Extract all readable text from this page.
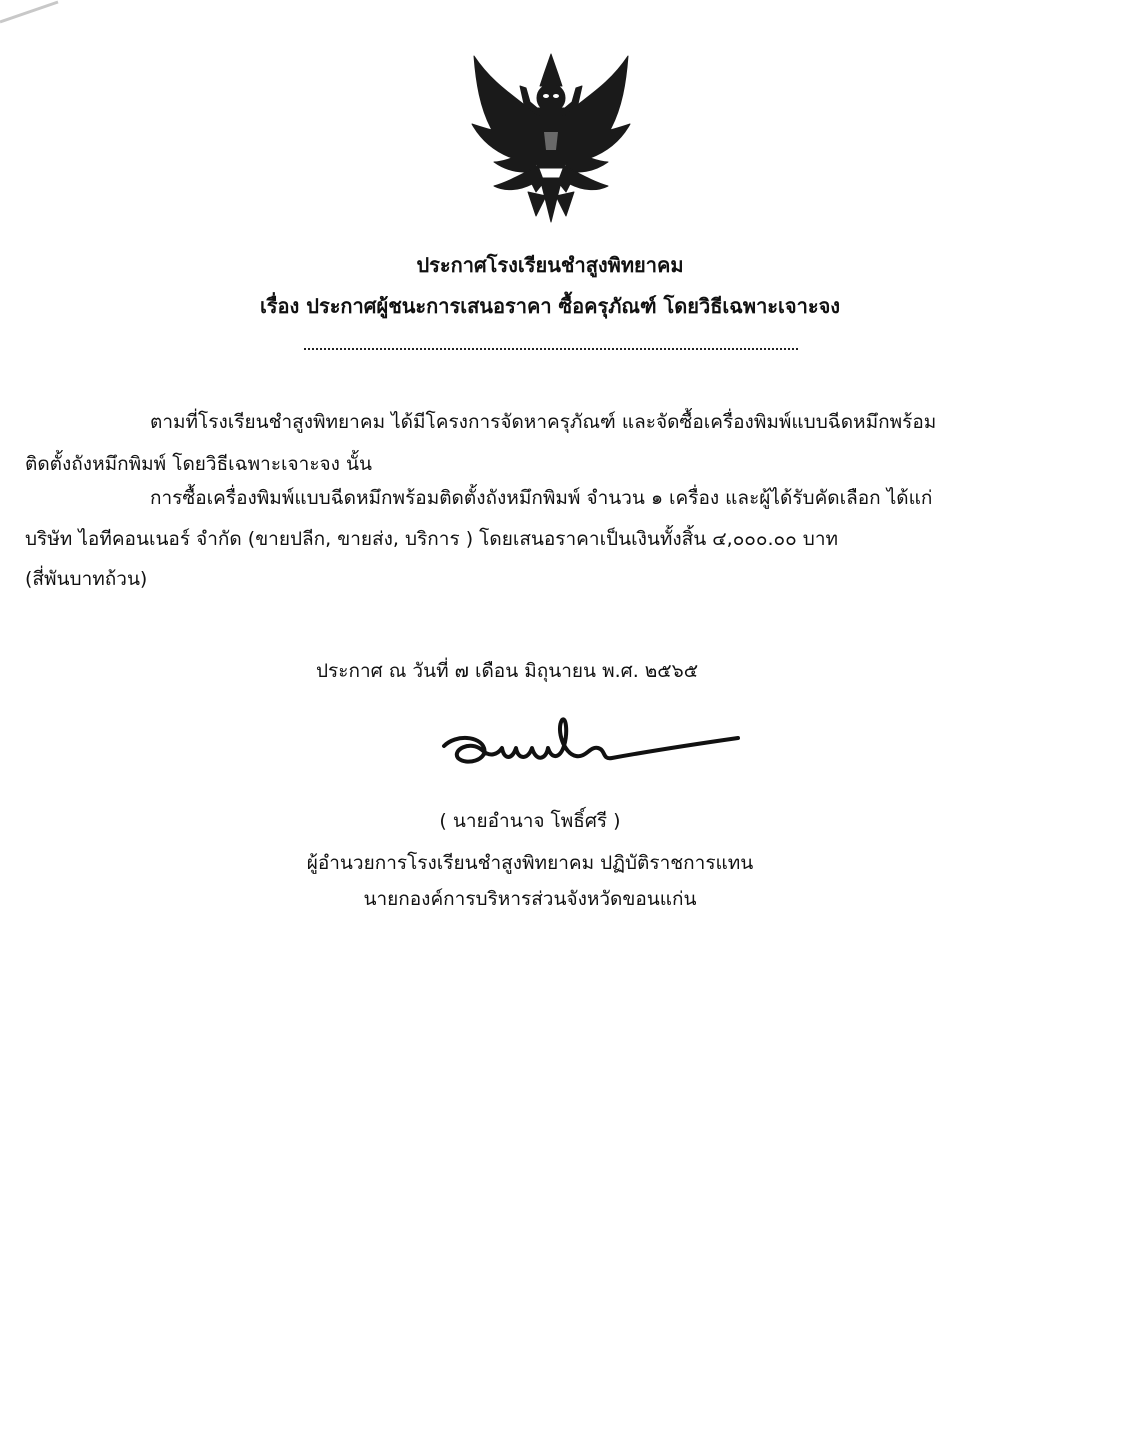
ประกาศโรงเรียนชำสูงพิทยาคม
เรื่อง ประกาศผู้ชนะการเสนอราคา ซื้อครุภัณฑ์ โดยวิธีเฉพาะเจาะจง
ตามที่โรงเรียนชำสูงพิทยาคม ได้มีโครงการจัดหาครุภัณฑ์ และจัดซื้อเครื่องพิมพ์แบบฉีดหมึกพร้อม
ติดตั้งถังหมึกพิมพ์ โดยวิธีเฉพาะเจาะจง นั้น
การซื้อเครื่องพิมพ์แบบฉีดหมึกพร้อมติดตั้งถังหมึกพิมพ์ จำนวน ๑ เครื่อง และผู้ได้รับคัดเลือก ได้แก่
บริษัท ไอทีคอนเนอร์ จำกัด (ขายปลีก, ขายส่ง, บริการ ) โดยเสนอราคาเป็นเงินทั้งสิ้น ๔,๐๐๐.๐๐ บาท
(สี่พันบาทถ้วน)
ประกาศ ณ วันที่ ๗ เดือน มิถุนายน พ.ศ. ๒๕๖๕
( นายอำนาจ โพธิ์ศรี )
ผู้อำนวยการโรงเรียนชำสูงพิทยาคม ปฏิบัติราชการแทน
นายกองค์การบริหารส่วนจังหวัดขอนแก่น
